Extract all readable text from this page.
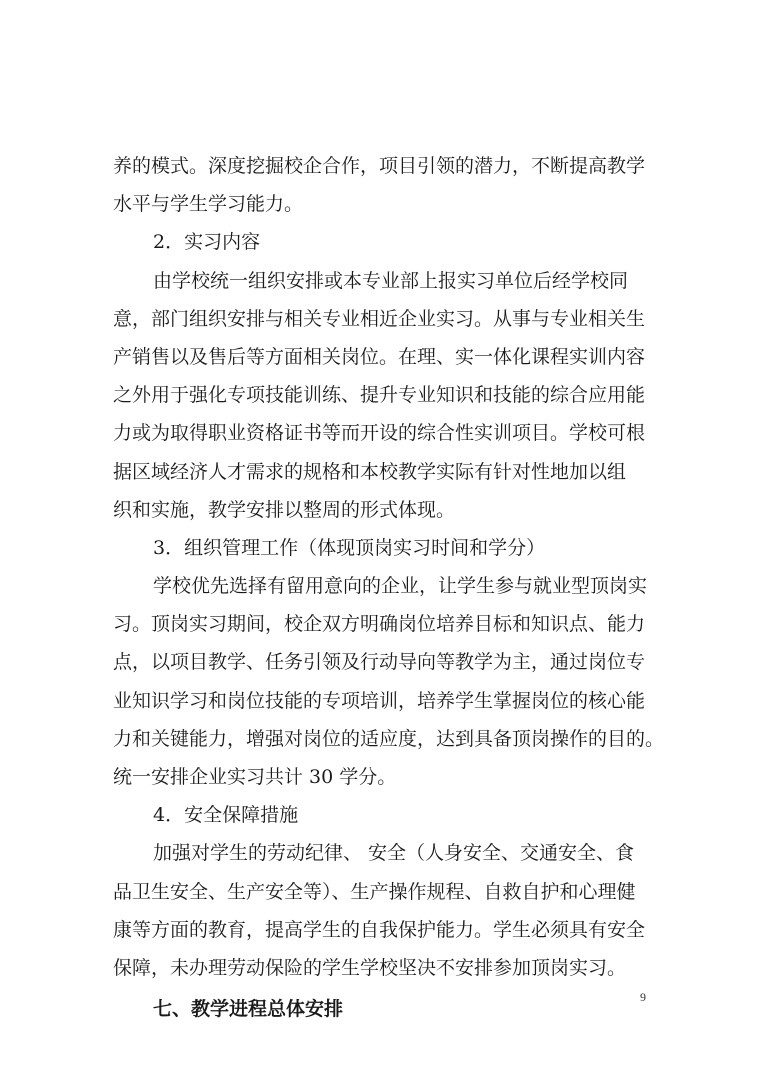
养的模式。深度挖掘校企合作，项目引领的潜力，不断提高教学
水平与学生学习能力。
2．实习内容
由学校统一组织安排或本专业部上报实习单位后经学校同
意，部门组织安排与相关专业相近企业实习。从事与专业相关生
产销售以及售后等方面相关岗位。在理、实一体化课程实训内容
之外用于强化专项技能训练、提升专业知识和技能的综合应用能
力或为取得职业资格证书等而开设的综合性实训项目。学校可根
据区域经济人才需求的规格和本校教学实际有针对性地加以组
织和实施，教学安排以整周的形式体现。
3．组织管理工作（体现顶岗实习时间和学分）
学校优先选择有留用意向的企业，让学生参与就业型顶岗实
习。顶岗实习期间，校企双方明确岗位培养目标和知识点、能力
点，以项目教学、任务引领及行动导向等教学为主，通过岗位专
业知识学习和岗位技能的专项培训，培养学生掌握岗位的核心能
力和关键能力，增强对岗位的适应度，达到具备顶岗操作的目的。
统一安排企业实习共计 30 学分。
4．安全保障措施
加强对学生的劳动纪律、 安全（人身安全、交通安全、食
品卫生安全、生产安全等）、生产操作规程、自救自护和心理健
康等方面的教育，提高学生的自我保护能力。学生必须具有安全
保障，未办理劳动保险的学生学校坚决不安排参加顶岗实习。
七、教学进程总体安排
9
